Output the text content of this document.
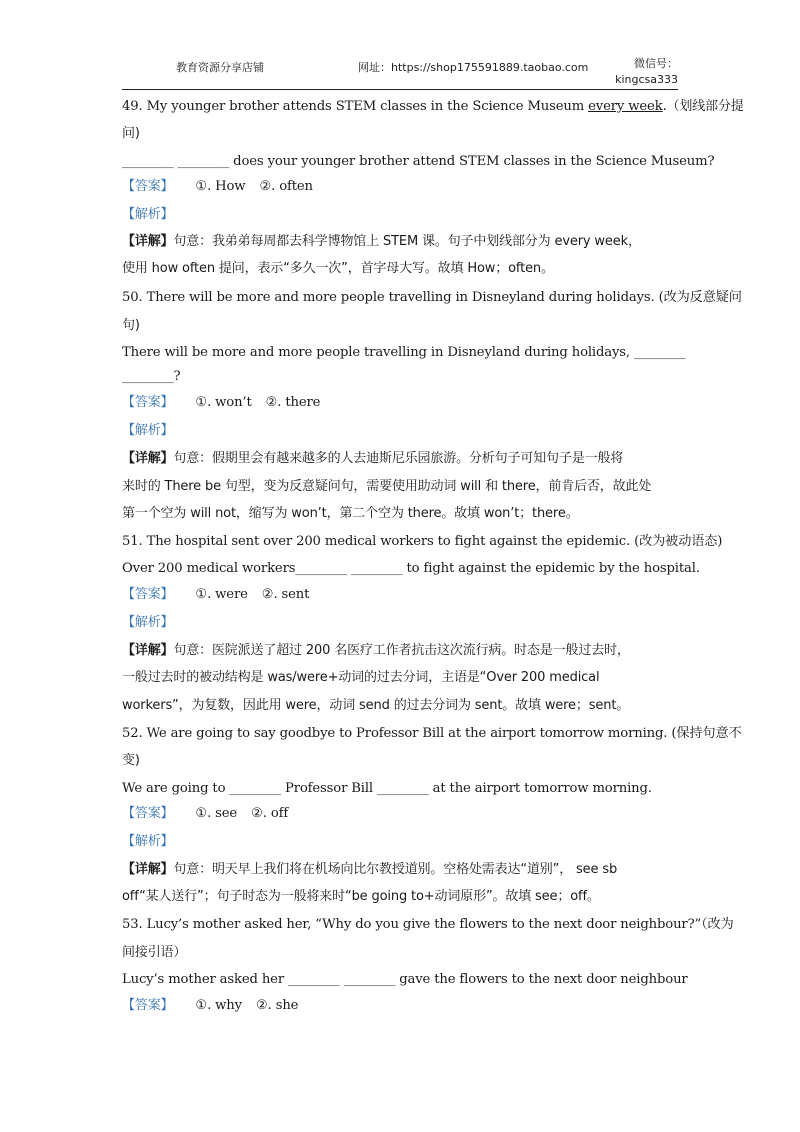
教育资源分享店铺	网址：https://shop175591889.taobao.com	微信号：
kingcsa333
49. My younger brother attends STEM classes in the Science Museum every week.（划线部分提
问)
________ ________ does your younger brother attend STEM classes in the Science Museum?
【答案】 ①. How ②. often
【解析】
【详解】句意：我弟弟每周都去科学博物馆上 STEM 课。句子中划线部分为 every week，
使用 how often 提问，表示“多久一次”，首字母大写。故填 How；often。
50. There will be more and more people travelling in Disneyland during holidays. (改为反意疑问
句)
There will be more and more people travelling in Disneyland during holidays, ________
________?
【答案】 ①. won’t ②. there
【解析】
【详解】句意：假期里会有越来越多的人去迪斯尼乐园旅游。分析句子可知句子是一般将
来时的 There be 句型，变为反意疑问句，需要使用助动词 will 和 there，前肯后否，故此处
第一个空为 will not，缩写为 won’t，第二个空为 there。故填 won’t；there。
51. The hospital sent over 200 medical workers to fight against the epidemic. (改为被动语态)
Over 200 medical workers________ ________ to fight against the epidemic by the hospital.
【答案】 ①. were ②. sent
【解析】
【详解】句意：医院派送了超过 200 名医疗工作者抗击这次流行病。时态是一般过去时，
一般过去时的被动结构是 was/were+动词的过去分词，主语是“Over 200 medical
workers”，为复数，因此用 were，动词 send 的过去分词为 sent。故填 were；sent。
52. We are going to say goodbye to Professor Bill at the airport tomorrow morning. (保持句意不
变)
We are going to ________ Professor Bill ________ at the airport tomorrow morning.
【答案】 ①. see ②. off
【解析】
【详解】句意：明天早上我们将在机场向比尔教授道别。空格处需表达“道别”， see sb
off“某人送行”；句子时态为一般将来时“be going to+动词原形”。故填 see；off。
53. Lucy’s mother asked her, “Why do you give the flowers to the next door neighbour?”（改为
间接引语）
Lucy’s mother asked her ________ ________ gave the flowers to the next door neighbour
【答案】 ①. why ②. she
